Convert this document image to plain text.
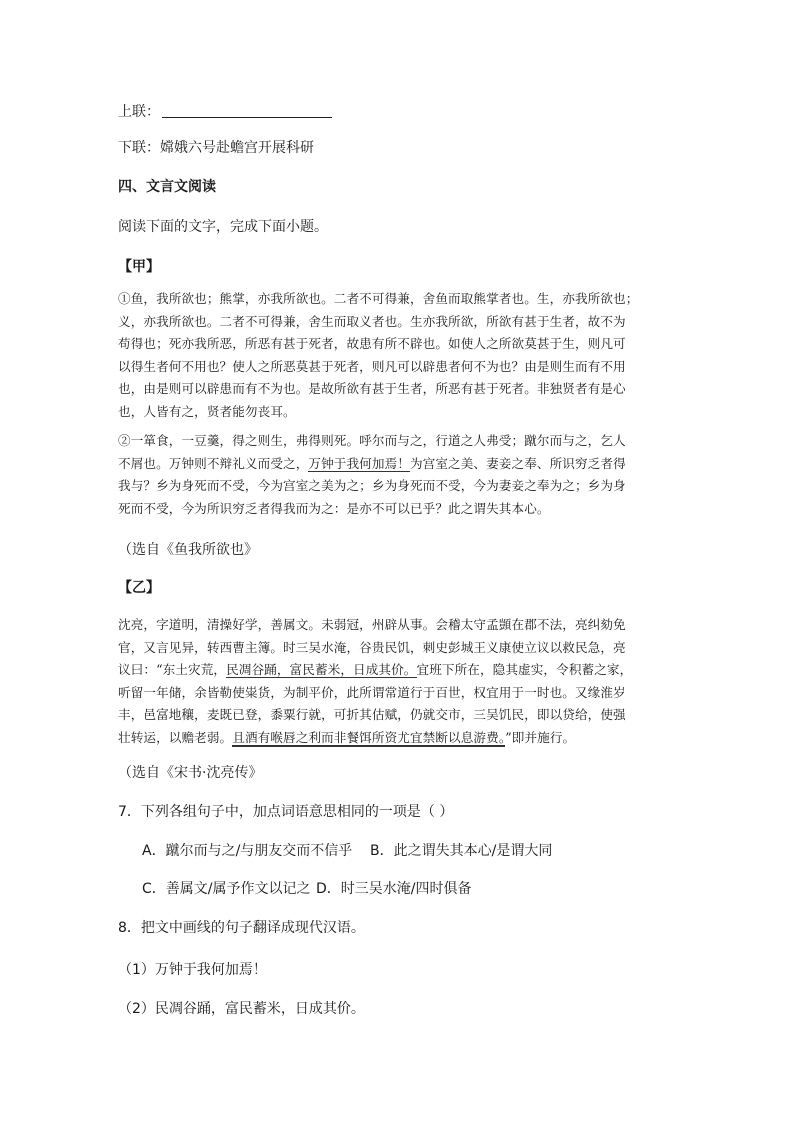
上联：
下联：嫦娥六号赴蟾宫开展科研
四、文言文阅读
阅读下面的文字，完成下面小题。
【甲】
①鱼，我所欲也；熊掌，亦我所欲也。二者不可得兼，舍鱼而取熊掌者也。生，亦我所欲也；
义，亦我所欲也。二者不可得兼，舍生而取义者也。生亦我所欲，所欲有甚于生者，故不为
苟得也；死亦我所恶，所恶有甚于死者，故患有所不辟也。如使人之所欲莫甚于生，则凡可
以得生者何不用也？使人之所恶莫甚于死者，则凡可以辟患者何不为也？由是则生而有不用
也，由是则可以辟患而有不为也。是故所欲有甚于生者，所恶有甚于死者。非独贤者有是心
也，人皆有之，贤者能勿丧耳。
②一箪食，一豆羹，得之则生，弗得则死。呼尔而与之，行道之人弗受；蹴尔而与之，乞人
不屑也。万钟则不辩礼义而受之，万钟于我何加焉！为宫室之美、妻妾之奉、所识穷乏者得
我与？乡为身死而不受，今为宫室之美为之；乡为身死而不受，今为妻妾之奉为之；乡为身
死而不受，今为所识穷乏者得我而为之：是亦不可以已乎？此之谓失其本心。
（选自《鱼我所欲也》
【乙】
沈亮，字道明，清操好学，善属文。未弱冠，州辟从事。会稽太守孟顗在郡不法，亮纠劾免
官，又言见异，转西曹主簿。时三吴水淹，谷贵民饥，刺史彭城王义康使立议以救民急，亮
议曰：“东土灾荒，民凋谷踊，富民蓄米，日成其价。宜班下所在，隐其虚实，令积蓄之家，
听留一年储，余皆勒使粜货，为制平价，此所谓常道行于百世，权宜用于一时也。又缘淮岁
丰，邑富地穰，麦既已登，黍粟行就，可折其估赋，仍就交市，三吴饥民，即以贷给，使强
壮转运，以赡老弱。且酒有喉唇之利而非餐饵所资尤宜禁断以息游费。”即并施行。
（选自《宋书·沈亮传》
7．下列各组句子中，加点词语意思相同的一项是（ ）
A．蹴尔而与之/与朋友交而不信乎 B．此之谓失其本心/是谓大同
C．善属文/属予作文以记之 D．时三吴水淹/四时俱备
8．把文中画线的句子翻译成现代汉语。
（1）万钟于我何加焉！
（2）民凋谷踊，富民蓄米，日成其价。
